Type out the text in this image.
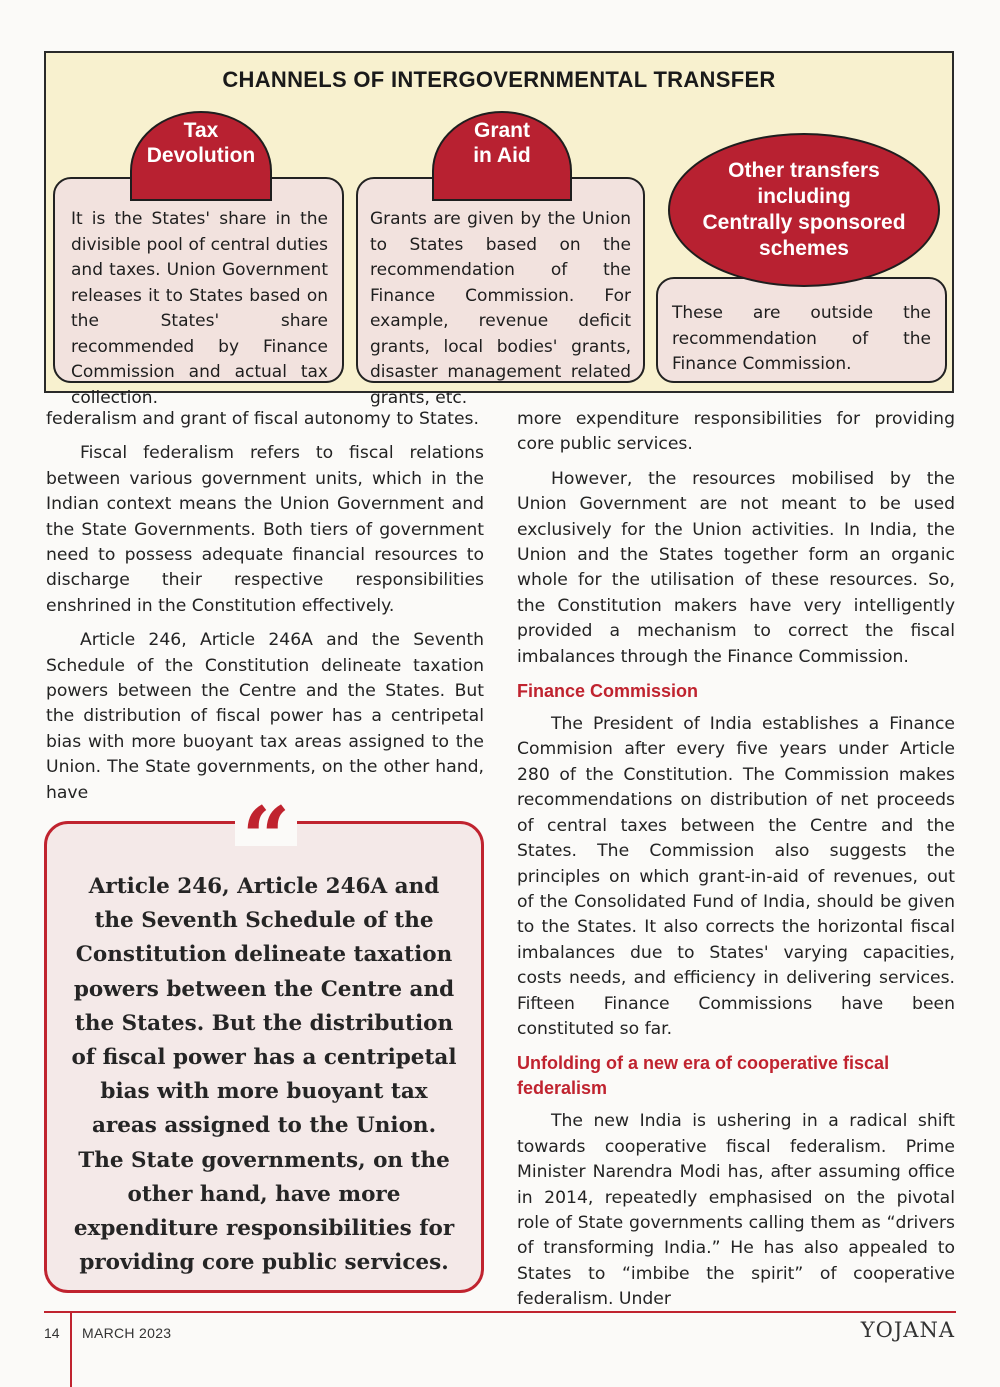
CHANNELS OF INTERGOVERNMENTAL TRANSFER
It is the States' share in the divisible pool of central duties and taxes. Union Government releases it to States based on the States' share recommended by Finance Commission and actual tax collection.
Tax
Devolution
Grants are given by the Union to States based on the recommendation of the Finance Commission. For example, revenue deficit grants, local bodies' grants, disaster management related grants, etc.
Grant
in Aid
These are outside the recommendation of the Finance Commission.
Other transfers
including
Centrally sponsored
schemes

federalism and grant of fiscal autonomy to States.

Fiscal federalism refers to fiscal relations between various government units, which in the Indian context means the Union Government and the State Governments. Both tiers of government need to possess adequate financial resources to discharge their respective responsibilities enshrined in the Constitution effectively.

Article 246, Article 246A and the Seventh Schedule of the Constitution delineate taxation powers between the Centre and the States. But the distribution of fiscal power has a centripetal bias with more buoyant tax areas assigned to the Union. The State governments, on the other hand, have	“
Article 246, Article 246A and the Seventh Schedule of the Constitution delineate taxation powers between the Centre and the States. But the distribution of fiscal power has a centripetal bias with more buoyant tax areas assigned to the Union. The State governments, on the other hand, have more expenditure responsibilities for providing core public services.

more expenditure responsibilities for providing core public services.

However, the resources mobilised by the Union Government are not meant to be used exclusively for the Union activities. In India, the Union and the States together form an organic whole for the utilisation of these resources. So, the Constitution makers have very intelligently provided a mechanism to correct the fiscal imbalances through the Finance Commission.

Finance Commission

The President of India establishes a Finance Commision after every five years under Article 280 of the Constitution. The Commission makes recommendations on distribution of net proceeds of central taxes between the Centre and the States. The Commission also suggests the principles on which grant-in-aid of revenues, out of the Consolidated Fund of India, should be given to the States. It also corrects the horizontal fiscal imbalances due to States' varying capacities, costs needs, and efficiency in delivering services. Fifteen Finance Commissions have been constituted so far.

Unfolding of a new era of cooperative fiscal federalism

The new India is ushering in a radical shift towards cooperative fiscal federalism. Prime Minister Narendra Modi has, after assuming office in 2014, repeatedly emphasised on the pivotal role of State governments calling them as “drivers of transforming India.” He has also appealed to States to “imbibe the spirit” of cooperative federalism. Under

14 MARCH 2023	YOJANA
